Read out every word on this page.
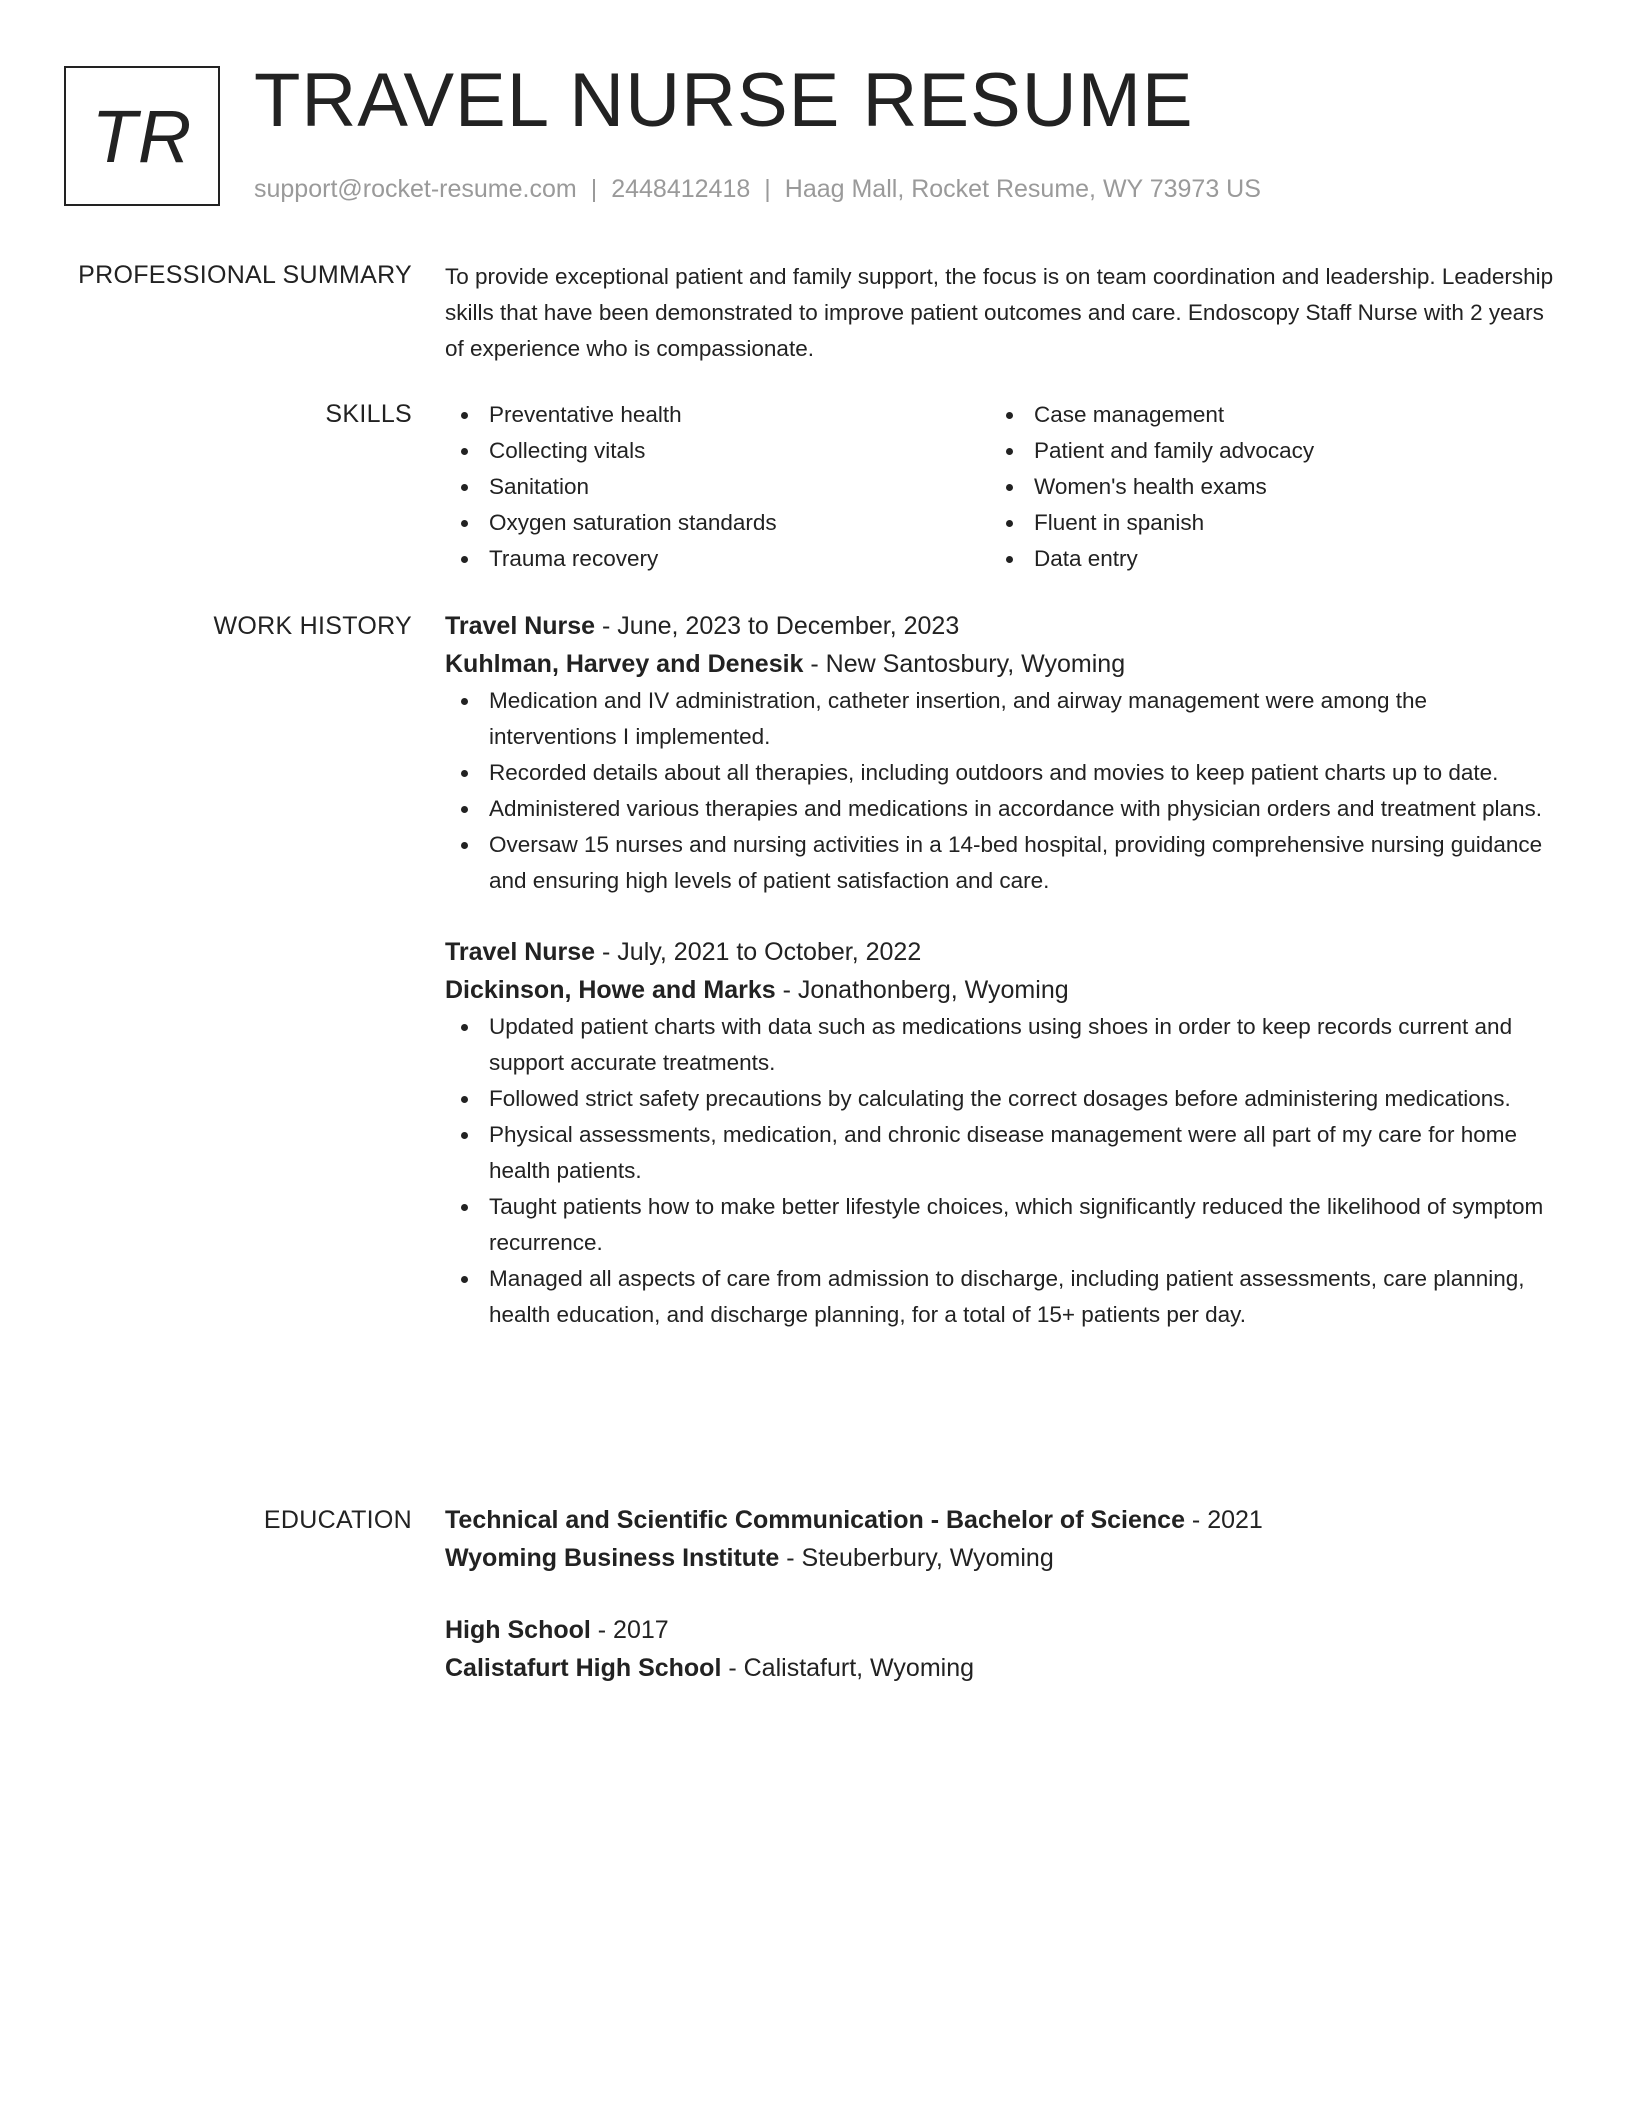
TR TRAVEL NURSE RESUME
support@rocket-resume.com | 2448412418 | Haag Mall, Rocket Resume, WY 73973 US
PROFESSIONAL SUMMARY To provide exceptional patient and family support, the focus is on team coordination and leadership. Leadership skills that have been demonstrated to improve patient outcomes and care. Endoscopy Staff Nurse with 2 years of experience who is compassionate.

SKILLS	Preventative health
Collecting vitals
Sanitation
Oxygen saturation standards
Trauma recovery
Case management
Patient and family advocacy
Women's health exams
Fluent in spanish
Data entry
WORK HISTORY Travel Nurse - June, 2023 to December, 2023
Kuhlman, Harvey and Denesik - New Santosbury, Wyoming
Medication and IV administration, catheter insertion, and airway management were among the interventions I implemented.
Recorded details about all therapies, including outdoors and movies to keep patient charts up to date.
Administered various therapies and medications in accordance with physician orders and treatment plans.
Oversaw 15 nurses and nursing activities in a 14-bed hospital, providing comprehensive nursing guidance and ensuring high levels of patient satisfaction and care.
Travel Nurse - July, 2021 to October, 2022
Dickinson, Howe and Marks - Jonathonberg, Wyoming
Updated patient charts with data such as medications using shoes in order to keep records current and support accurate treatments.
Followed strict safety precautions by calculating the correct dosages before administering medications.
Physical assessments, medication, and chronic disease management were all part of my care for home health patients.
Taught patients how to make better lifestyle choices, which significantly reduced the likelihood of symptom recurrence.
Managed all aspects of care from admission to discharge, including patient assessments, care planning, health education, and discharge planning, for a total of 15+ patients per day.
EDUCATION Technical and Scientific Communication - Bachelor of Science - 2021
Wyoming Business Institute - Steuberbury, Wyoming
High School - 2017
Calistafurt High School - Calistafurt, Wyoming
